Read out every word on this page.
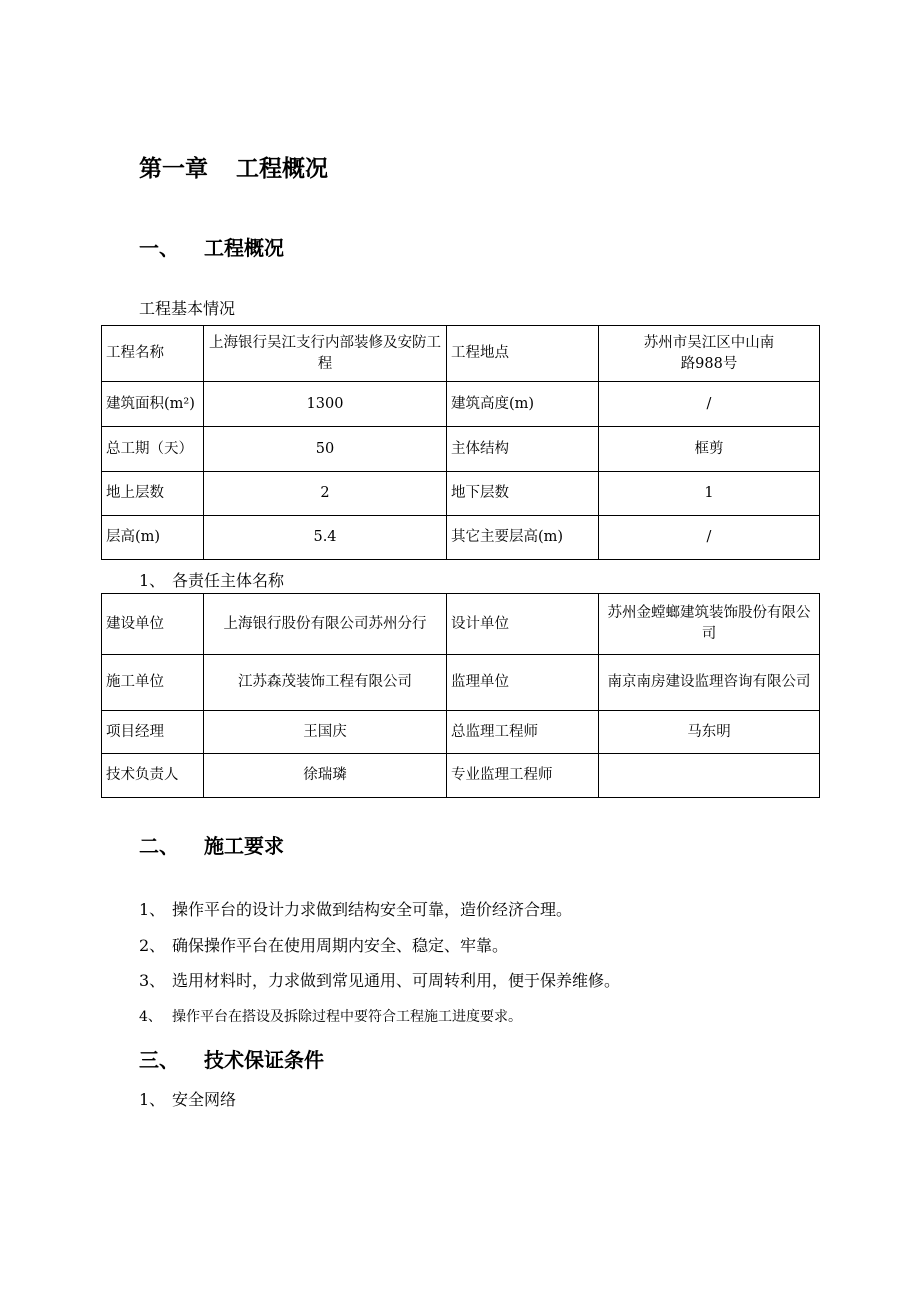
第一章 工程概况
一、 工程概况
工程基本情况
工程名称	上海银行吴江支行内部装修及安防工程	工程地点	苏州市吴江区中山南路988号
建筑面积(m²)	1300	建筑高度(m)	/
总工期（天）	50	主体结构	框剪
地上层数	2	地下层数	1
层高(m)	5.4	其它主要层高(m)	/
1、 各责任主体名称
建设单位	上海银行股份有限公司苏州分行	设计单位	苏州金螳螂建筑装饰股份有限公司
施工单位	江苏森茂装饰工程有限公司	监理单位	南京南房建设监理咨询有限公司
项目经理	王国庆	总监理工程师	马东明
技术负责人	徐瑞璘	专业监理工程师	
二、 施工要求
1、 操作平台的设计力求做到结构安全可靠，造价经济合理。
2、 确保操作平台在使用周期内安全、稳定、牢靠。
3、 选用材料时，力求做到常见通用、可周转利用，便于保养维修。
4、 操作平台在搭设及拆除过程中要符合工程施工进度要求。
三、 技术保证条件
1、 安全网络
